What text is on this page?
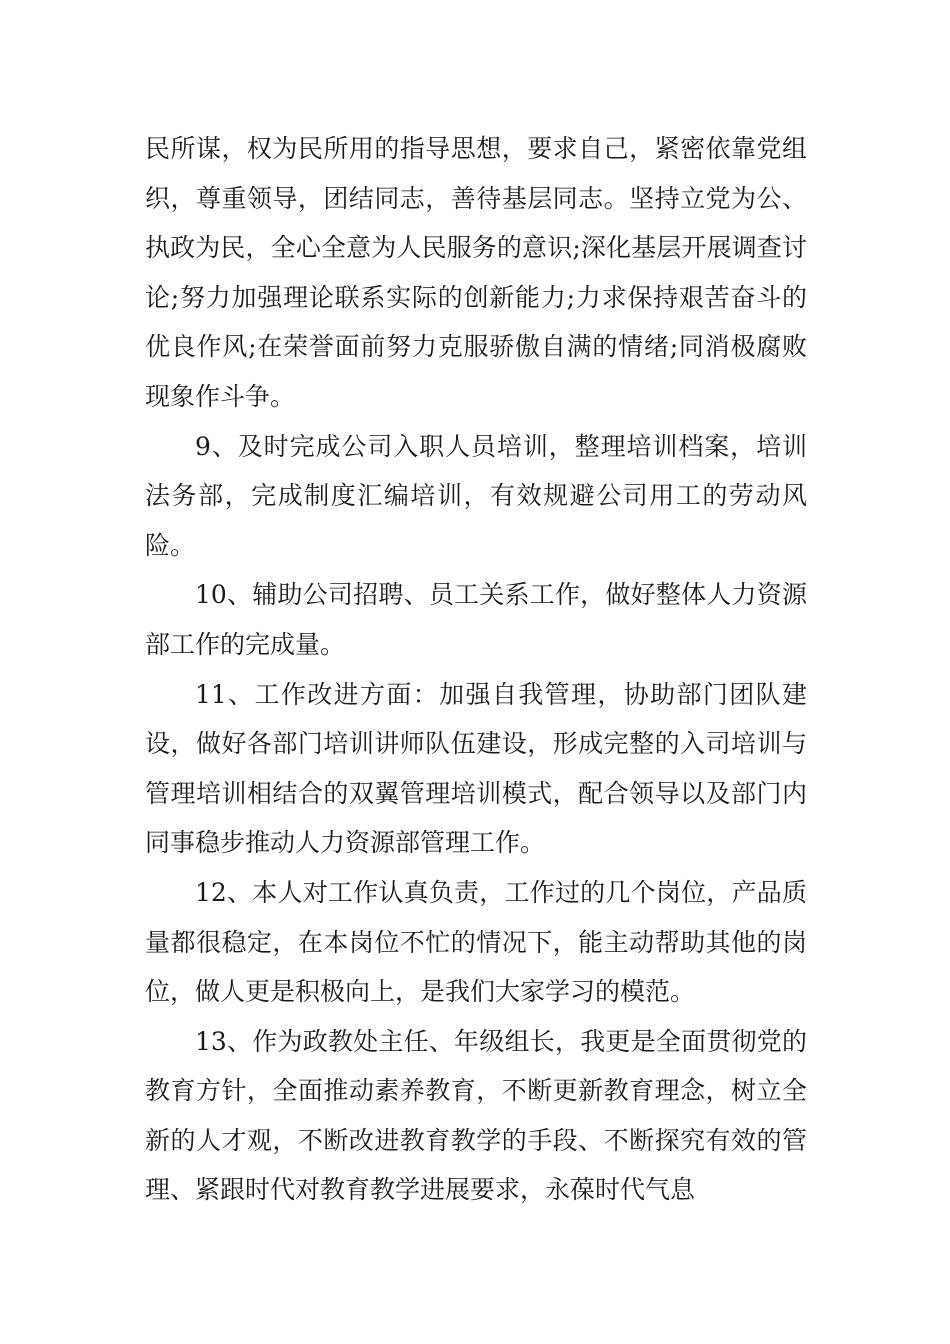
民所谋，权为民所用的指导思想，要求自己，紧密依靠党组织，尊重领导，团结同志，善待基层同志。坚持立党为公、执政为民，全心全意为人民服务的意识;深化基层开展调查讨论;努力加强理论联系实际的创新能力;力求保持艰苦奋斗的优良作风;在荣誉面前努力克服骄傲自满的情绪;同消极腐败现象作斗争。

9、及时完成公司入职人员培训，整理培训档案，培训法务部，完成制度汇编培训，有效规避公司用工的劳动风险。

10、辅助公司招聘、员工关系工作，做好整体人力资源部工作的完成量。

11、工作改进方面：加强自我管理，协助部门团队建设，做好各部门培训讲师队伍建设，形成完整的入司培训与管理培训相结合的双翼管理培训模式，配合领导以及部门内同事稳步推动人力资源部管理工作。

12、本人对工作认真负责，工作过的几个岗位，产品质量都很稳定，在本岗位不忙的情况下，能主动帮助其他的岗位，做人更是积极向上，是我们大家学习的模范。

13、作为政教处主任、年级组长，我更是全面贯彻党的教育方针，全面推动素养教育，不断更新教育理念，树立全新的人才观，不断改进教育教学的手段、不断探究有效的管理、紧跟时代对教育教学进展要求，永葆时代气息
